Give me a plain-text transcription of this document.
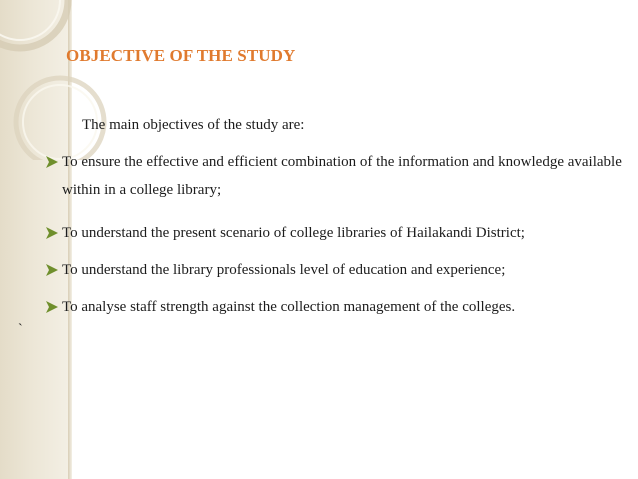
OBJECTIVE OF THE STUDY
The main objectives of the study are:
To ensure the effective and efficient combination of the information and knowledge available within in a college library;
To understand the present scenario of college libraries of Hailakandi District;
To understand the library professionals level of education and experience;
To analyse staff strength against the collection management of the colleges.
`
